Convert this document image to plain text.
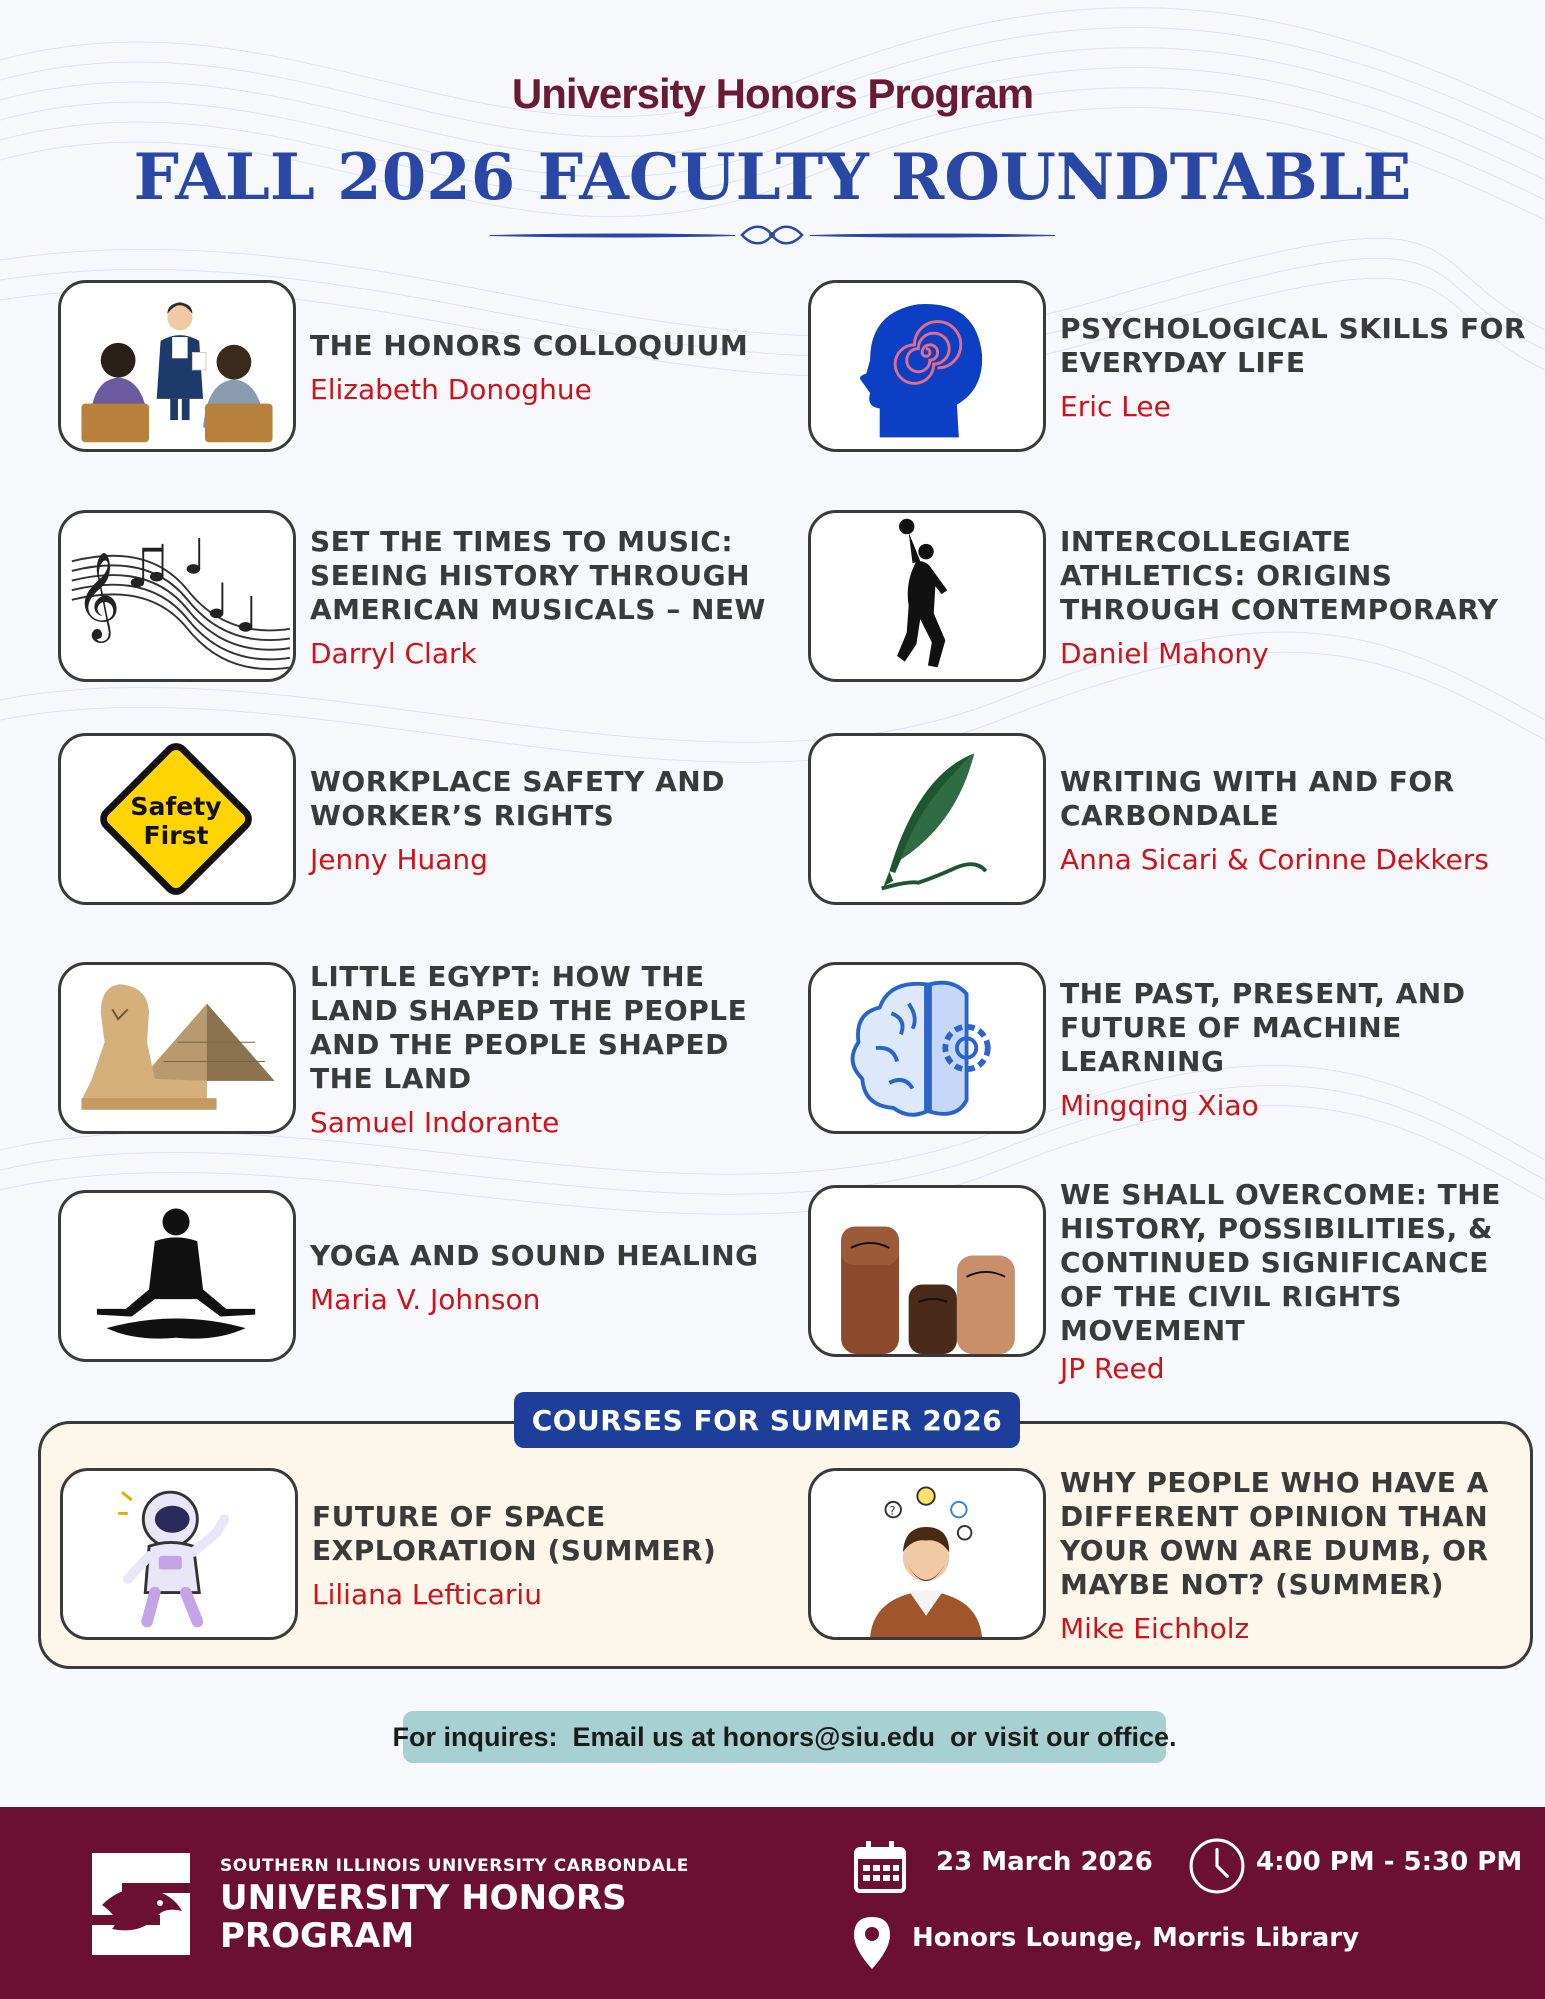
University Honors Program
FALL 2026 FACULTY ROUNDTABLE
THE HONORS COLLOQUIUM
Elizabeth Donoghue
PSYCHOLOGICAL SKILLS FOR EVERYDAY LIFE
Eric Lee
𝄞
SET THE TIMES TO MUSIC: SEEING HISTORY THROUGH AMERICAN MUSICALS – NEW
Darryl Clark
INTERCOLLEGIATE ATHLETICS: ORIGINS THROUGH CONTEMPORARY
Daniel Mahony
Safety
First
WORKPLACE SAFETY AND WORKER’S RIGHTS
Jenny Huang
WRITING WITH AND FOR CARBONDALE
Anna Sicari & Corinne Dekkers
LITTLE EGYPT: HOW THE LAND SHAPED THE PEOPLE AND THE PEOPLE SHAPED THE LAND
Samuel Indorante
THE PAST, PRESENT, AND FUTURE OF MACHINE LEARNING
Mingqing Xiao
YOGA AND SOUND HEALING
Maria V. Johnson
WE SHALL OVERCOME: THE HISTORY, POSSIBILITIES, & CONTINUED SIGNIFICANCE OF THE CIVIL RIGHTS MOVEMENT
JP Reed
COURSES FOR SUMMER 2026
FUTURE OF SPACE EXPLORATION (SUMMER)
Liliana Lefticariu
?
WHY PEOPLE WHO HAVE A DIFFERENT OPINION THAN YOUR OWN ARE DUMB, OR MAYBE NOT? (SUMMER)
Mike Eichholz
For inquires:
Email us at honors@siu.edu  or visit our office.
SOUTHERN ILLINOIS UNIVERSITY CARBONDALE
UNIVERSITY HONORS PROGRAM
23 March 2026	4:00 PM - 5:30 PM
Honors Lounge, Morris Library
